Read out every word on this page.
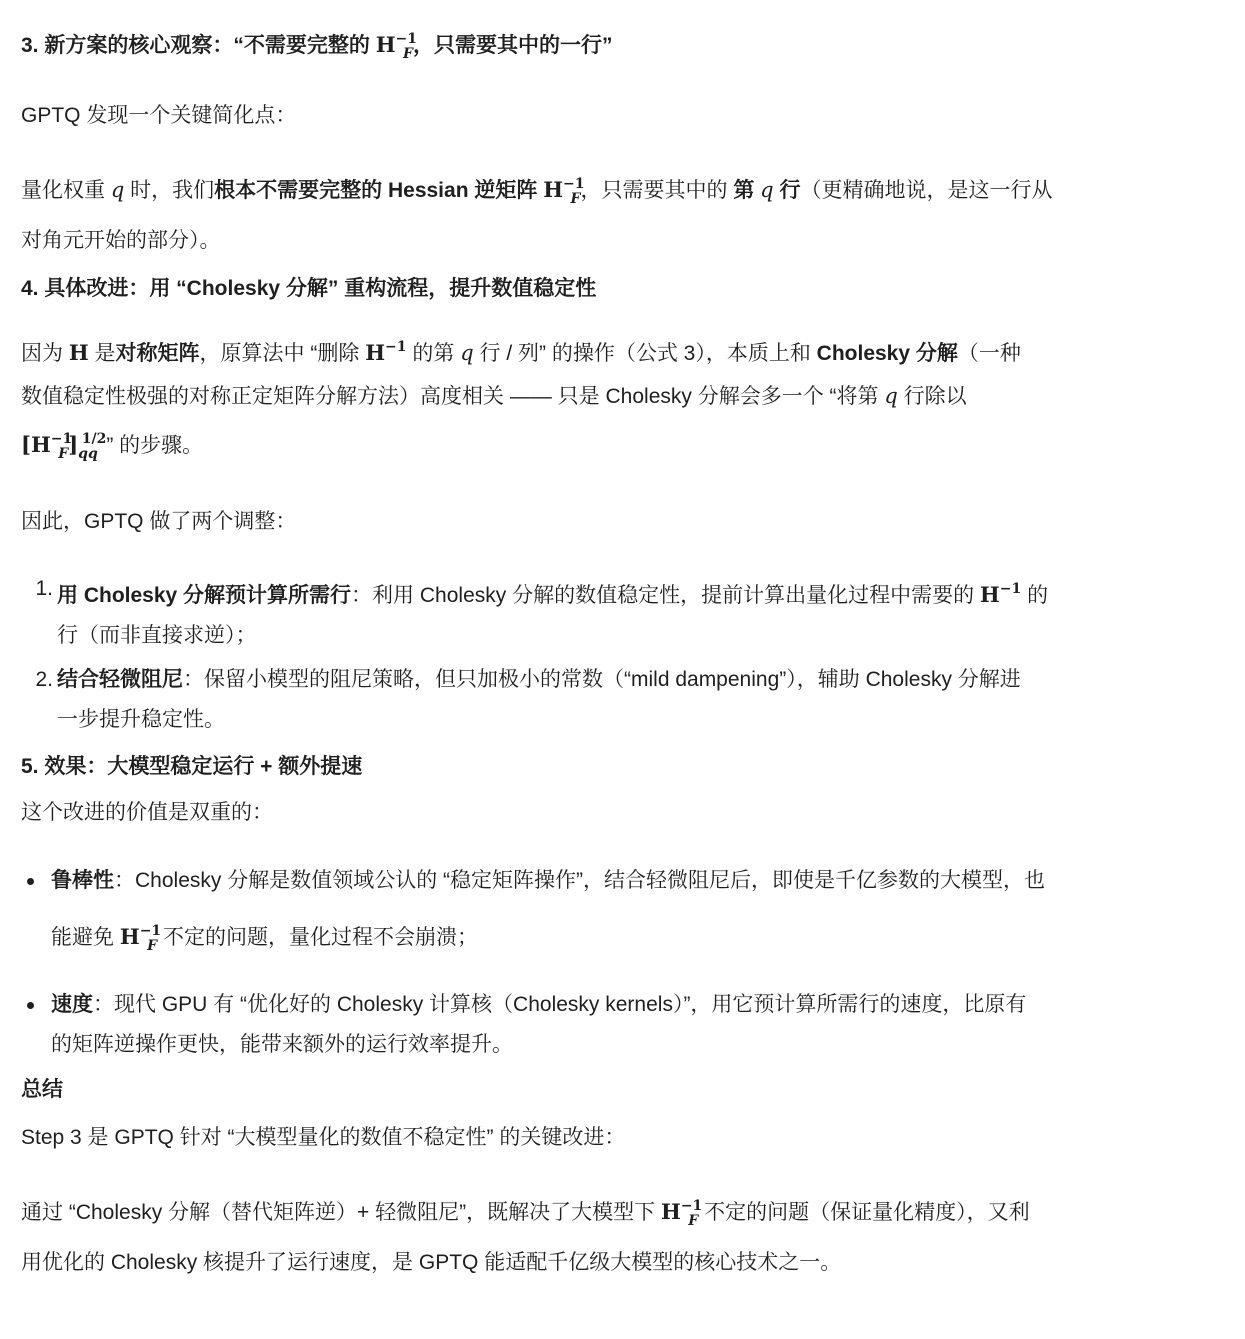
3. 新方案的核心观察：“不需要完整的 $H^{-1}_F$，只需要其中的一行”

GPTQ 发现一个关键简化点：

量化权重 q 时，我们根本不需要完整的 Hessian 逆矩阵 $H^{-1}_F$，只需要其中的 第 q 行（更精确地说，是这一行从
对角元开始的部分）。

4. 具体改进：用 “Cholesky 分解” 重构流程，提升数值稳定性

因为 H 是对称矩阵，原算法中 “删除 $H^{-1}$ 的第 q 行 / 列” 的操作（公式 3），本质上和 Cholesky 分解（一种
数值稳定性极强的对称正定矩阵分解方法）高度相关 —— 只是 Cholesky 分解会多一个 “将第 q 行除以
$[H^{-1}_F]_{qq}^{1/2}$” 的步骤。

因此，GPTQ 做了两个调整：

1. 用 Cholesky 分解预计算所需行：利用 Cholesky 分解的数值稳定性，提前计算出量化过程中需要的 $H^{-1}$ 的
行（而非直接求逆）；
2. 结合轻微阻尼：保留小模型的阻尼策略，但只加极小的常数（“mild dampening”），辅助 Cholesky 分解进
一步提升稳定性。
5. 效果：大模型稳定运行 + 额外提速

这个改进的价值是双重的：

鲁棒性：Cholesky 分解是数值领域公认的 “稳定矩阵操作”，结合轻微阻尼后，即使是千亿参数的大模型，也
能避免 $H^{-1}_F$ 不定的问题，量化过程不会崩溃；
速度：现代 GPU 有 “优化好的 Cholesky 计算核（Cholesky kernels）”，用它预计算所需行的速度，比原有
的矩阵逆操作更快，能带来额外的运行效率提升。
总结

Step 3 是 GPTQ 针对 “大模型量化的数值不稳定性” 的关键改进：

通过 “Cholesky 分解（替代矩阵逆）+ 轻微阻尼”，既解决了大模型下 $H^{-1}_F$ 不定的问题（保证量化精度），又利
用优化的 Cholesky 核提升了运行速度，是 GPTQ 能适配千亿级大模型的核心技术之一。
